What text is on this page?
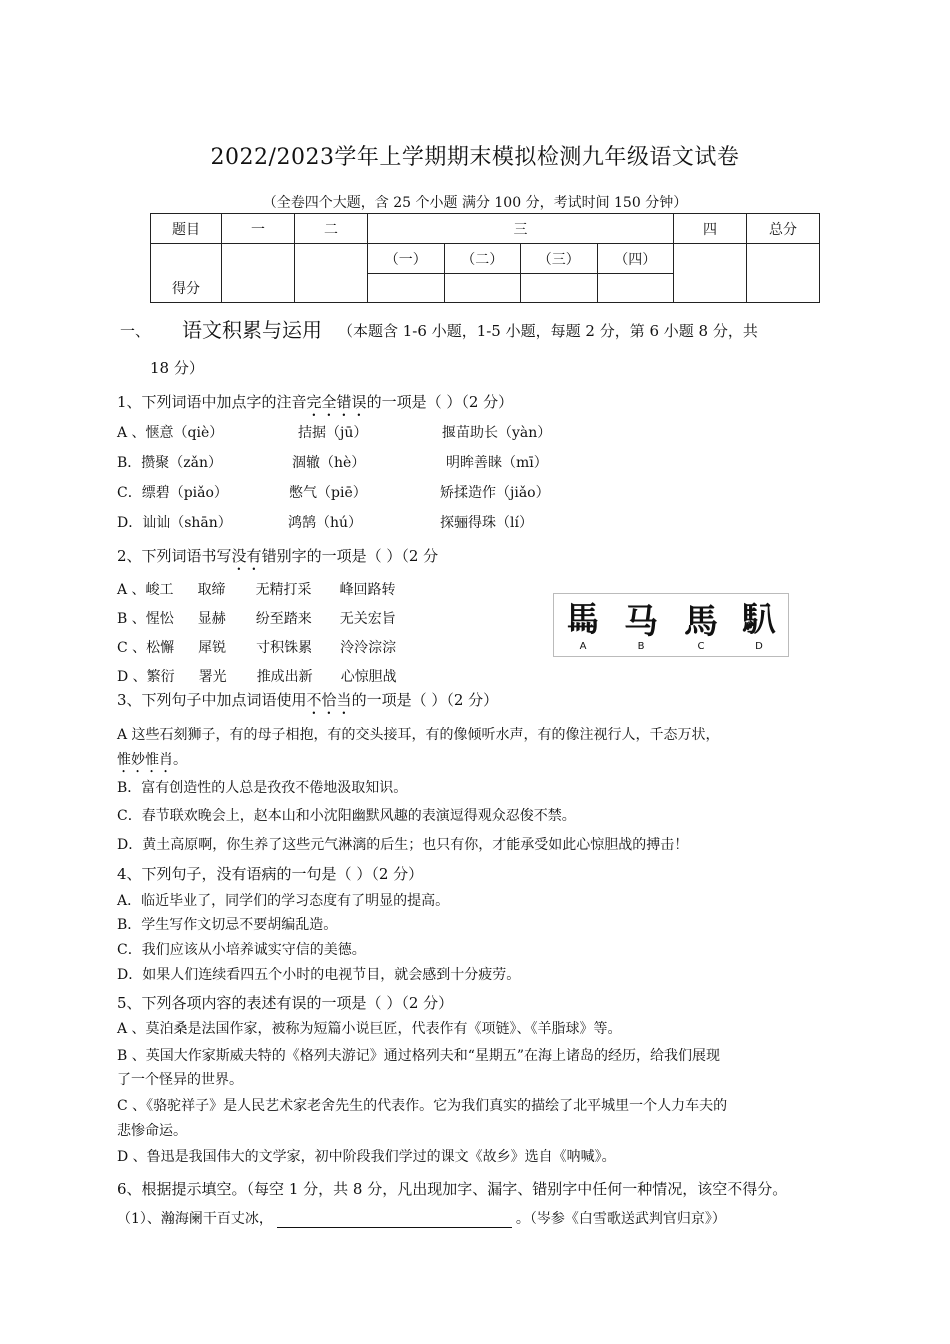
2022/2023学年上学期期末模拟检测九年级语文试卷
（全卷四个大题，含 25 个小题 满分 100 分，考试时间 150 分钟）
题目	一	二	三				四	总分
得分			（一）	（二）	（三）	（四）		

一、 语文积累与运用 （本题含 1-6 小题，1-5 小题，每题 2 分，第 6 小题 8 分，共
18 分）
1、下列词语中加点字的注音完全错误的一项是（ ）（2 分）
A 、惬意（qiè）	拮据（jū）	揠苗助长（yàn）
B．攒聚（zǎn）	涸辙（hè）	明眸善睐（mī）
C．缥碧（piǎo）	憋气（piē）	矫揉造作（jiǎo）
D．讪讪（shān）	鸿鹄（hú）	探骊得珠（lí）
2、下列词语书写没有错别字的一项是（ ）（2 分
A 、峻工 取缔 无精打采 峰回路转
B 、惺忪 显赫 纷至踏来 无关宏旨
C 、松懈 犀锐 寸积铢累 泠泠淙淙
D 、繁衍 署光 推成出新 心惊胆战
𩡧 马 馬 𩡩
A	B	C	D
3、下列句子中加点词语使用不恰当的一项是（ ）（2 分）
A 这些石刻狮子，有的母子相抱，有的交头接耳，有的像倾听水声，有的像注视行人，千态万状，
惟妙惟肖。
B．富有创造性的人总是孜孜不倦地汲取知识。
C．春节联欢晚会上，赵本山和小沈阳幽默风趣的表演逗得观众忍俊不禁。
D．黄土高原啊，你生养了这些元气淋漓的后生；也只有你，才能承受如此心惊胆战的搏击！
4、下列句子，没有语病的一句是（ ）（2 分）
A．临近毕业了，同学们的学习态度有了明显的提高。
B．学生写作文切忌不要胡编乱造。
C．我们应该从小培养诚实守信的美德。
D．如果人们连续看四五个小时的电视节目，就会感到十分疲劳。
5、下列各项内容的表述有误的一项是（ ）（2 分）
A 、莫泊桑是法国作家，被称为短篇小说巨匠，代表作有《项链》、《羊脂球》等。
B 、英国大作家斯威夫特的《格列夫游记》通过格列夫和“星期五”在海上诸岛的经历，给我们展现
了一个怪异的世界。
C 、《骆驼祥子》是人民艺术家老舍先生的代表作。它为我们真实的描绘了北平城里一个人力车夫的
悲惨命运。
D 、鲁迅是我国伟大的文学家，初中阶段我们学过的课文《故乡》选自《呐喊》。
6、根据提示填空。（每空 1 分，共 8 分，凡出现加字、漏字、错别字中任何一种情况，该空不得分。
（1）、瀚海阑干百丈冰，	。（岑参《白雪歌送武判官归京》）
